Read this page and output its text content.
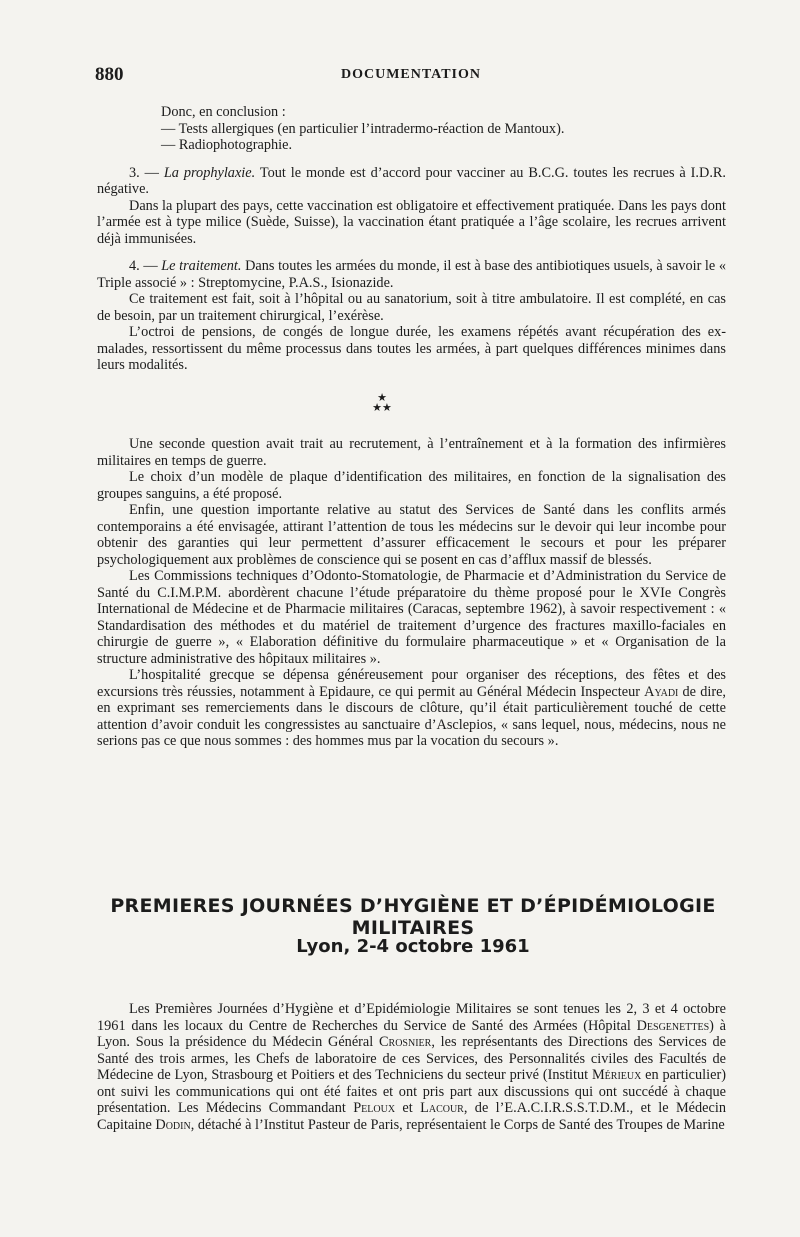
880	DOCUMENTATION

Donc, en conclusion :

— Tests allergiques (en particulier l’intradermo-réaction de Mantoux).

— Radiophotographie.

3. — La prophylaxie. Tout le monde est d’accord pour vacciner au B.C.G. toutes les recrues à I.D.R. négative.

Dans la plupart des pays, cette vaccination est obligatoire et effectivement pratiquée. Dans les pays dont l’armée est à type milice (Suède, Suisse), la vaccination étant pratiquée a l’âge scolaire, les recrues arrivent déjà immunisées.

4. — Le traitement. Dans toutes les armées du monde, il est à base des antibiotiques usuels, à savoir le « Triple associé » : Streptomycine, P.A.S., Isionazide.

Ce traitement est fait, soit à l’hôpital ou au sanatorium, soit à titre ambulatoire. Il est complété, en cas de besoin, par un traitement chirurgical, l’exérèse.

L’octroi de pensions, de congés de longue durée, les examens répétés avant récupération des ex-malades, ressortissent du même processus dans toutes les armées, à part quelques différences minimes dans leurs modalités.

★
★★

Une seconde question avait trait au recrutement, à l’entraînement et à la formation des infirmières militaires en temps de guerre.

Le choix d’un modèle de plaque d’identification des militaires, en fonction de la signalisation des groupes sanguins, a été proposé.

Enfin, une question importante relative au statut des Services de Santé dans les conflits armés contemporains a été envisagée, attirant l’attention de tous les médecins sur le devoir qui leur incombe pour obtenir des garanties qui leur permettent d’assurer efficacement le secours et pour les préparer psychologiquement aux problèmes de conscience qui se posent en cas d’afflux massif de blessés.

Les Commissions techniques d’Odonto-Stomatologie, de Pharmacie et d’Administration du Service de Santé du C.I.M.P.M. abordèrent chacune l’étude préparatoire du thème proposé pour le XVIe Congrès International de Médecine et de Pharmacie militaires (Caracas, septembre 1962), à savoir respectivement : « Standardisation des méthodes et du matériel de traitement d’urgence des fractures maxillo-faciales en chirurgie de guerre », « Elaboration définitive du formulaire pharmaceutique » et « Organisation de la structure administrative des hôpitaux militaires ».

L’hospitalité grecque se dépensa généreusement pour organiser des réceptions, des fêtes et des excursions très réussies, notamment à Epidaure, ce qui permit au Général Médecin Inspecteur Ayadi de dire, en exprimant ses remerciements dans le discours de clôture, qu’il était particulièrement touché de cette attention d’avoir conduit les congressistes au sanctuaire d’Asclepios, « sans lequel, nous, médecins, nous ne serions pas ce que nous sommes : des hommes mus par la vocation du secours ».

PREMIERES JOURNÉES D’HYGIÈNE ET D’ÉPIDÉMIOLOGIE MILITAIRES
Lyon, 2-4 octobre 1961

Les Premières Journées d’Hygiène et d’Epidémiologie Militaires se sont tenues les 2, 3 et 4 octobre 1961 dans les locaux du Centre de Recherches du Service de Santé des Armées (Hôpital Desgenettes) à Lyon. Sous la présidence du Médecin Général Crosnier, les représentants des Directions des Services de Santé des trois armes, les Chefs de laboratoire de ces Services, des Personnalités civiles des Facultés de Médecine de Lyon, Strasbourg et Poitiers et des Techniciens du secteur privé (Institut Mérieux en particulier) ont suivi les communications qui ont été faites et ont pris part aux discussions qui ont succédé à chaque présentation. Les Médecins Commandant Peloux et Lacour, de l’E.A.C.I.R.S.S.T.D.M., et le Médecin Capitaine Dodin, détaché à l’Institut Pasteur de Paris, représentaient le Corps de Santé des Troupes de Marine
